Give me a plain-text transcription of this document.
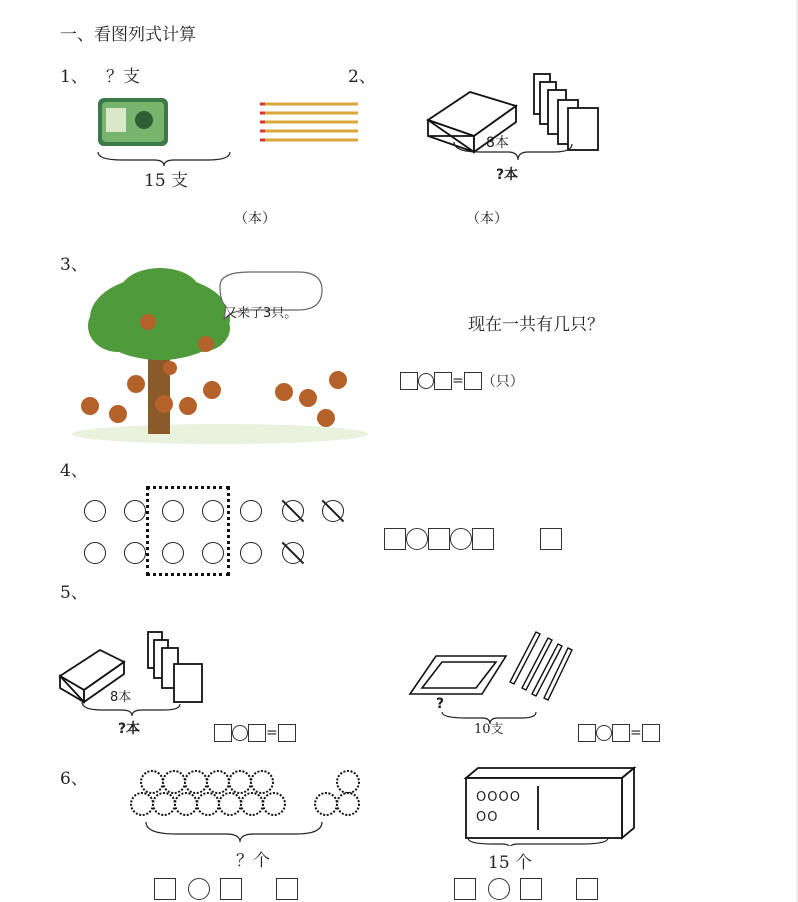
一、看图列式计算
1、 ？支
15 支
（本）
2、
8本
?本
（本）
3、
又来了3只。
现在一共有几只？
= （只）
4、
5、
8本
?本	=
?
10支	=
6、
？个
OOOO
OO
15 个
